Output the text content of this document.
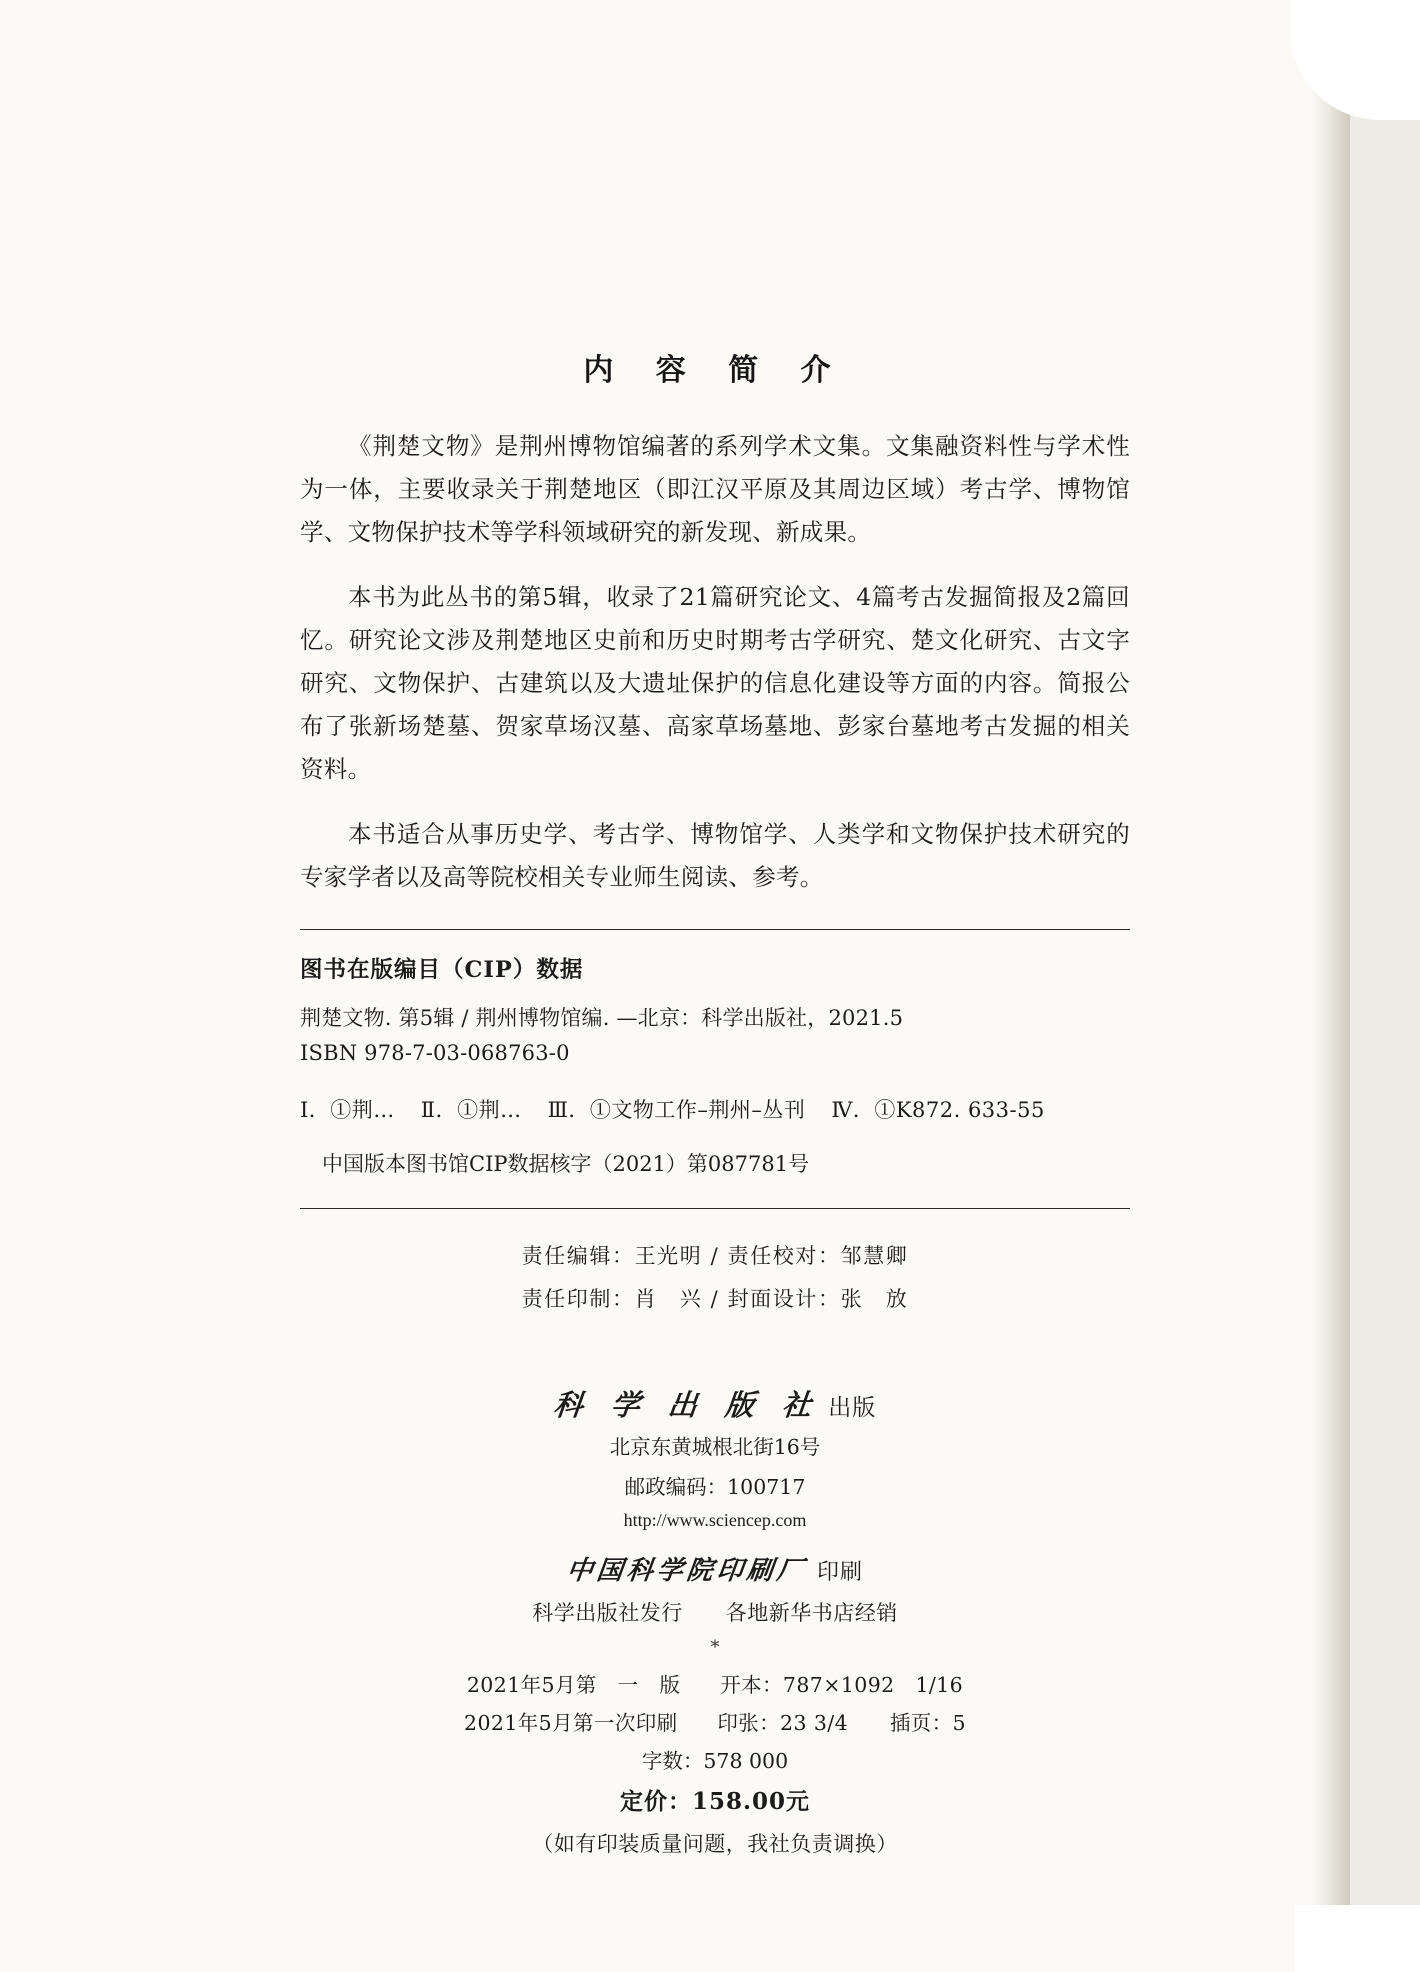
内 容 简 介
《荆楚文物》是荆州博物馆编著的系列学术文集。文集融资料性与学术性为一体，主要收录关于荆楚地区（即江汉平原及其周边区域）考古学、博物馆学、文物保护技术等学科领域研究的新发现、新成果。
本书为此丛书的第5辑，收录了21篇研究论文、4篇考古发掘简报及2篇回忆。研究论文涉及荆楚地区史前和历史时期考古学研究、楚文化研究、古文字研究、文物保护、古建筑以及大遗址保护的信息化建设等方面的内容。简报公布了张新场楚墓、贺家草场汉墓、高家草场墓地、彭家台墓地考古发掘的相关资料。
本书适合从事历史学、考古学、博物馆学、人类学和文物保护技术研究的专家学者以及高等院校相关专业师生阅读、参考。
图书在版编目（CIP）数据
荆楚文物. 第5辑 / 荆州博物馆编. —北京：科学出版社，2021.5
ISBN 978-7-03-068763-0
Ⅰ．①荆… Ⅱ．①荆… Ⅲ．①文物工作–荆州–丛刊 Ⅳ．①K872. 633-55
中国版本图书馆CIP数据核字（2021）第087781号
责任编辑：王光明 / 责任校对：邹慧卿
责任印制：肖　兴 / 封面设计：张　放
科 学 出 版 社 出版
北京东黄城根北街16号
邮政编码：100717
http://www.sciencep.com
中国科学院印刷厂 印刷
科学出版社发行　　各地新华书店经销
*
2021年5月第　一　版 开本：787×1092　1/16
2021年5月第一次印刷 印张：23 3/4　　插页：5
字数：578 000
定价：158.00元
（如有印装质量问题，我社负责调换）
